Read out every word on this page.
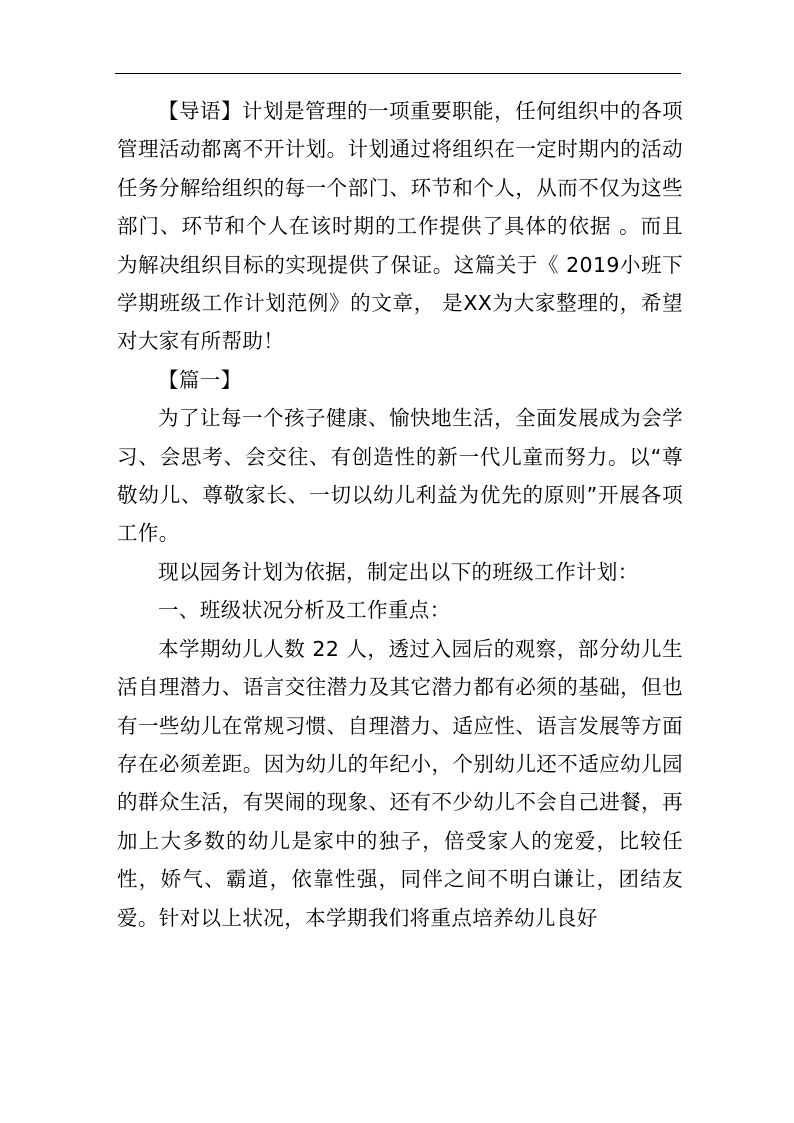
【导语】计划是管理的一项重要职能，任何组织中的各项管理活动都离不开计划。计划通过将组织在一定时期内的活动任务分解给组织的每一个部门、环节和个人，从而不仅为这些部门、环节和个人在该时期的工作提供了具体的依据 。而且为解决组织目标的实现提供了保证。这篇关于《 2019小班下学期班级工作计划范例》的文章， 是XX为大家整理的，希望对大家有所帮助！

【篇一】

为了让每一个孩子健康、愉快地生活，全面发展成为会学习、会思考、会交往、有创造性的新一代儿童而努力。以“尊敬幼儿、尊敬家长、一切以幼儿利益为优先的原则”开展各项工作。

现以园务计划为依据，制定出以下的班级工作计划：

一、班级状况分析及工作重点：

本学期幼儿人数 22 人，透过入园后的观察，部分幼儿生活自理潜力、语言交往潜力及其它潜力都有必须的基础，但也有一些幼儿在常规习惯、自理潜力、适应性、语言发展等方面存在必须差距。因为幼儿的年纪小，个别幼儿还不适应幼儿园的群众生活，有哭闹的现象、还有不少幼儿不会自己进餐，再加上大多数的幼儿是家中的独子，倍受家人的宠爱，比较任性，娇气、霸道，依靠性强，同伴之间不明白谦让，团结友爱。针对以上状况，本学期我们将重点培养幼儿良好
